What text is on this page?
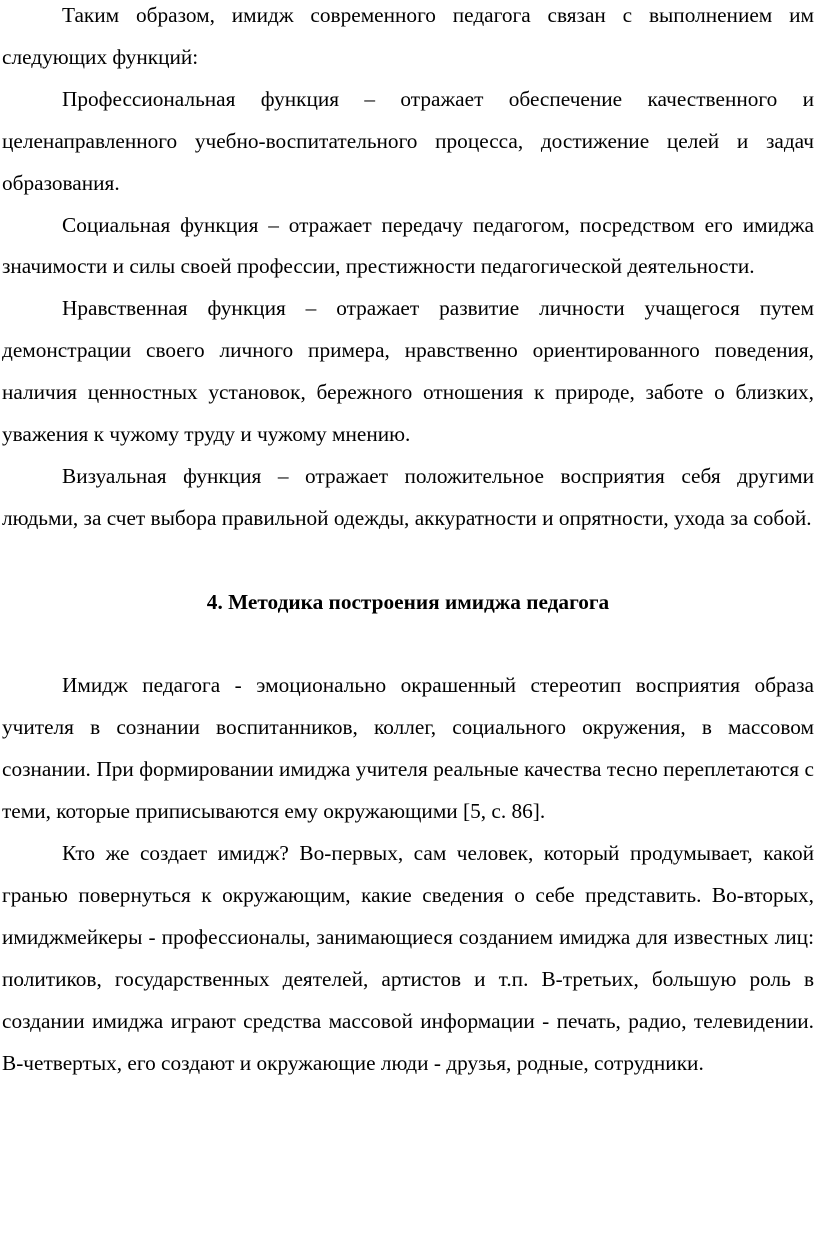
Таким образом, имидж современного педагога связан с выполнением им следующих функций:

Профессиональная функция – отражает обеспечение качественного и целенаправленного учебно-воспитательного процесса, достижение целей и задач образования.

Социальная функция – отражает передачу педагогом, посредством его имиджа значимости и силы своей профессии, престижности педагогической деятельности.

Нравственная функция – отражает развитие личности учащегося путем демонстрации своего личного примера, нравственно ориентированного поведения, наличия ценностных установок, бережного отношения к природе, заботе о близких, уважения к чужому труду и чужому мнению.

Визуальная функция – отражает положительное восприятия себя другими людьми, за счет выбора правильной одежды, аккуратности и опрятности, ухода за собой.

4. Методика построения имиджа педагога

Имидж педагога - эмоционально окрашенный стереотип восприятия образа учителя в сознании воспитанников, коллег, социального окружения, в массовом сознании. При формировании имиджа учителя реальные качества тесно переплетаются с теми, которые приписываются ему окружающими [5, с. 86].

Кто же создает имидж? Во-первых, сам человек, который продумывает, какой гранью повернуться к окружающим, какие сведения о себе представить. Во-вторых, имиджмейкеры - профессионалы, занимающиеся созданием имиджа для известных лиц: политиков, государственных деятелей, артистов и т.п. В-третьих, большую роль в создании имиджа играют средства массовой информации - печать, радио, телевидении. В-четвертых, его создают и окружающие люди - друзья, родные, сотрудники.
